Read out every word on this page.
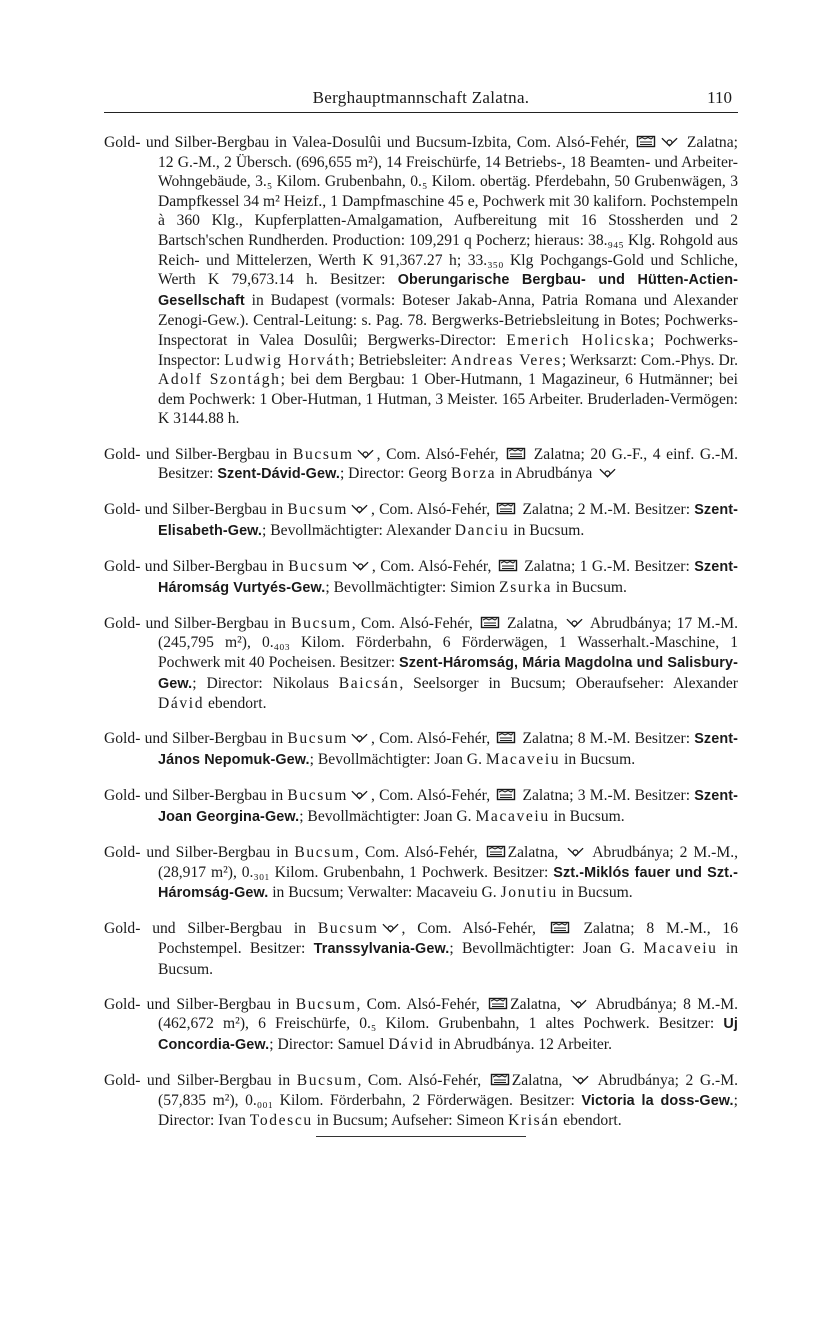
Berghauptmannschaft Zalatna.	110

Gold- und Silber-Bergbau in Valea-Dosulûi und Bucsum-Izbita, Com. Alsó-Fehér,	Zalatna; 12 G.-M., 2 Übersch. (696,655 m²), 14 Freischürfe, 14 Betriebs-, 18 Beamten- und Arbeiter-Wohngebäude, 3.₅ Kilom. Grubenbahn, 0.₅ Kilom. obertäg. Pferdebahn, 50 Grubenwägen, 3 Dampfkessel 34 m² Heizf., 1 Dampfmaschine 45 e, Pochwerk mit 30 kaliforn. Pochstempeln à 360 Klg., Kupferplatten-Amalgamation, Aufbereitung mit 16 Stossherden und 2 Bartsch'schen Rundherden. Production: 109,291 q Pocherz; hieraus: 38.₉₄₅ Klg. Rohgold aus Reich- und Mittelerzen, Werth K 91,367.27 h; 33.₃₅₀ Klg Pochgangs-Gold und Schliche, Werth K 79,673.14 h. Besitzer: Oberungarische Bergbau- und Hütten-Actien-Gesellschaft in Budapest (vormals: Boteser Jakab-Anna, Patria Romana und Alexander Zenogi-Gew.). Central-Leitung: s. Pag. 78. Bergwerks-Betriebsleitung in Botes; Pochwerks-Inspectorat in Valea Dosulûi; Bergwerks-Director: Emerich Holicska; Pochwerks-Inspector: Ludwig Horváth; Betriebsleiter: Andreas Veres; Werksarzt: Com.-Phys. Dr. Adolf Szontágh; bei dem Bergbau: 1 Ober-Hutmann, 1 Magazineur, 6 Hutmänner; bei dem Pochwerk: 1 Ober-Hutman, 1 Hutman, 3 Meister. 165 Arbeiter. Bruderladen-Vermögen: K 3144.88 h.

Gold- und Silber-Bergbau in Bucsum , Com. Alsó-Fehér,  Zalatna; 20 G.-F., 4 einf. G.-M. Besitzer: Szent-Dávid-Gew.; Director: Georg Borza in Abrudbánya

Gold- und Silber-Bergbau in Bucsum , Com. Alsó-Fehér,  Zalatna; 2 M.-M. Besitzer: Szent-Elisabeth-Gew.; Bevollmächtigter: Alexander Danciu in Bucsum.

Gold- und Silber-Bergbau in Bucsum , Com. Alsó-Fehér,  Zalatna; 1 G.-M. Besitzer: Szent-Háromság Vurtyés-Gew.; Bevollmächtigter: Simion Zsurka in Bucsum.

Gold- und Silber-Bergbau in Bucsum, Com. Alsó-Fehér,  Zalatna,  Abrudbánya; 17 M.-M. (245,795 m²), 0.₄₀₃ Kilom. Förderbahn, 6 Förderwägen, 1 Wasserhalt.-Maschine, 1 Pochwerk mit 40 Pocheisen. Besitzer: Szent-Háromság, Mária Magdolna und Salisbury-Gew.; Director: Nikolaus Baicsán, Seelsorger in Bucsum; Oberaufseher: Alexander Dávid ebendort.

Gold- und Silber-Bergbau in Bucsum , Com. Alsó-Fehér,  Zalatna; 8 M.-M. Besitzer: Szent-János Nepomuk-Gew.; Bevollmächtigter: Joan G. Macaveiu in Bucsum.

Gold- und Silber-Bergbau in Bucsum , Com. Alsó-Fehér,  Zalatna; 3 M.-M. Besitzer: Szent-Joan Georgina-Gew.; Bevollmächtigter: Joan G. Macaveiu in Bucsum.

Gold- und Silber-Bergbau in Bucsum, Com. Alsó-Fehér, Zalatna,  Abrudbánya; 2 M.-M., (28,917 m²), 0.₃₀₁ Kilom. Grubenbahn, 1 Pochwerk. Besitzer: Szt.-Miklós fauer und Szt.-Háromság-Gew. in Bucsum; Verwalter: Macaveiu G. Jonutiu in Bucsum.

Gold- und Silber-Bergbau in Bucsum , Com. Alsó-Fehér,  Zalatna; 8 M.-M., 16 Pochstempel. Besitzer: Transsylvania-Gew.; Bevollmächtigter: Joan G. Macaveiu in Bucsum.

Gold- und Silber-Bergbau in Bucsum, Com. Alsó-Fehér, Zalatna,  Abrudbánya; 8 M.-M. (462,672 m²), 6 Freischürfe, 0.₅ Kilom. Grubenbahn, 1 altes Pochwerk. Besitzer: Uj Concordia-Gew.; Director: Samuel Dávid in Abrudbánya. 12 Arbeiter.

Gold- und Silber-Bergbau in Bucsum, Com. Alsó-Fehér, Zalatna,  Abrudbánya; 2 G.-M. (57,835 m²), 0.₀₀₁ Kilom. Förderbahn, 2 Förderwägen. Besitzer: Victoria la doss-Gew.; Director: Ivan Todescu in Bucsum; Aufseher: Simeon Krisán ebendort.
